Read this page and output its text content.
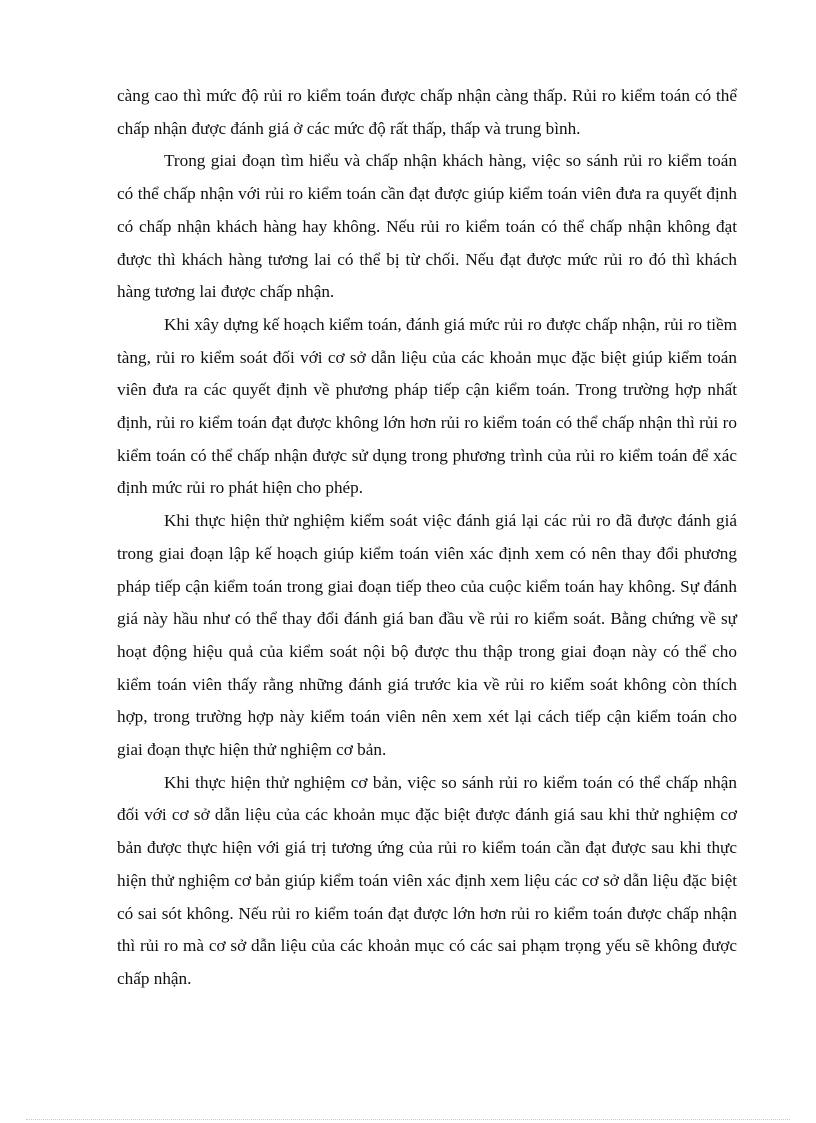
càng cao thì mức độ rủi ro kiểm toán được chấp nhận càng thấp. Rủi ro kiểm toán có thể chấp nhận được đánh giá ở các mức độ rất thấp, thấp và trung bình.

Trong giai đoạn tìm hiểu và chấp nhận khách hàng, việc so sánh rủi ro kiểm toán có thể chấp nhận với rủi ro kiểm toán cần đạt được giúp kiểm toán viên đưa ra quyết định có chấp nhận khách hàng hay không. Nếu rủi ro kiểm toán có thể chấp nhận không đạt được thì khách hàng tương lai có thể bị từ chối. Nếu đạt được mức rủi ro đó thì khách hàng tương lai được chấp nhận.

Khi xây dựng kế hoạch kiểm toán, đánh giá mức rủi ro được chấp nhận, rủi ro tiềm tàng, rủi ro kiểm soát đối với cơ sở dẫn liệu của các khoản mục đặc biệt giúp kiểm toán viên đưa ra các quyết định về phương pháp tiếp cận kiểm toán. Trong trường hợp nhất định, rủi ro kiểm toán đạt được không lớn hơn rủi ro kiểm toán có thể chấp nhận thì rủi ro kiểm toán có thể chấp nhận được sử dụng trong phương trình của rủi ro kiểm toán để xác định mức rủi ro phát hiện cho phép.

Khi thực hiện thử nghiệm kiểm soát việc đánh giá lại các rủi ro đã được đánh giá trong giai đoạn lập kế hoạch giúp kiểm toán viên xác định xem có nên thay đổi phương pháp tiếp cận kiểm toán trong giai đoạn tiếp theo của cuộc kiểm toán hay không. Sự đánh giá này hầu như có thể thay đổi đánh giá ban đầu về rủi ro kiểm soát. Bằng chứng về sự hoạt động hiệu quả của kiểm soát nội bộ được thu thập trong giai đoạn này có thể cho kiểm toán viên thấy rằng những đánh giá trước kia về rủi ro kiểm soát không còn thích hợp, trong trường hợp này kiểm toán viên nên xem xét lại cách tiếp cận kiểm toán cho giai đoạn thực hiện thử nghiệm cơ bản.

Khi thực hiện thử nghiệm cơ bản, việc so sánh rủi ro kiểm toán có thể chấp nhận đối với cơ sở dẫn liệu của các khoản mục đặc biệt được đánh giá sau khi thử nghiệm cơ bản được thực hiện với giá trị tương ứng của rủi ro kiểm toán cần đạt được sau khi thực hiện thử nghiệm cơ bản giúp kiểm toán viên xác định xem liệu các cơ sở dẫn liệu đặc biệt có sai sót không. Nếu rủi ro kiểm toán đạt được lớn hơn rủi ro kiểm toán được chấp nhận thì rủi ro mà cơ sở dẫn liệu của các khoản mục có các sai phạm trọng yếu sẽ không được chấp nhận.
